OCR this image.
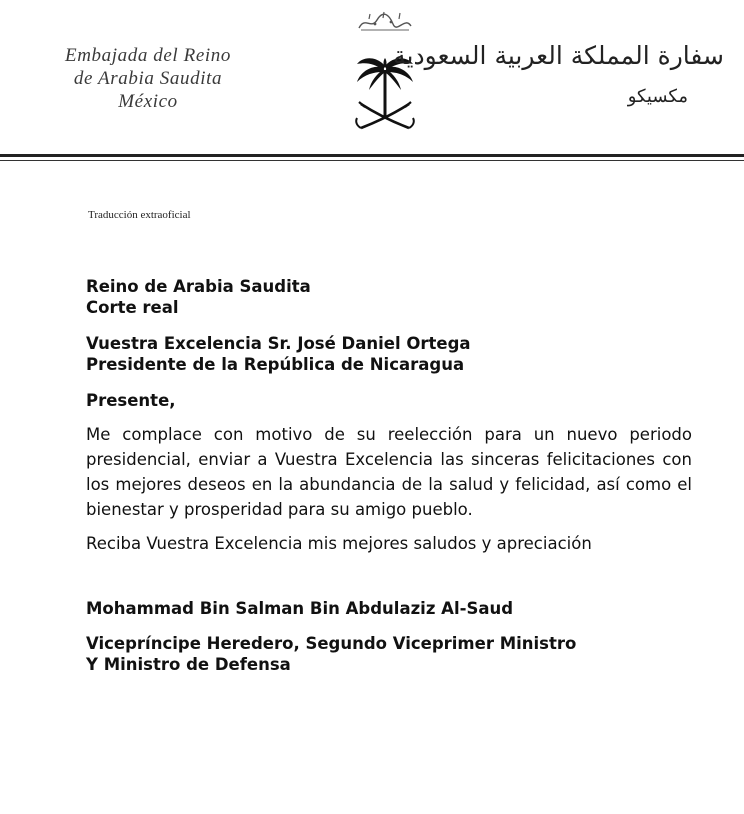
Embajada del Reino
de Arabia Saudita
México
سفارة المملكة العربية السعودية
مكسيكو
Traducción extraoficial
Reino de Arabia Saudita
Corte real
Vuestra Excelencia Sr. José Daniel Ortega
Presidente de la República de Nicaragua
Presente,
Me complace con motivo de su reelección para un nuevo periodo presidencial, enviar a Vuestra Excelencia las sinceras felicitaciones con los mejores deseos en la abundancia de la salud y felicidad, así como el bienestar y prosperidad para su amigo pueblo.
Reciba Vuestra Excelencia mis mejores saludos y apreciación
Mohammad Bin Salman Bin Abdulaziz Al-Saud
Vicepríncipe Heredero, Segundo Viceprimer Ministro
Y Ministro de Defensa
